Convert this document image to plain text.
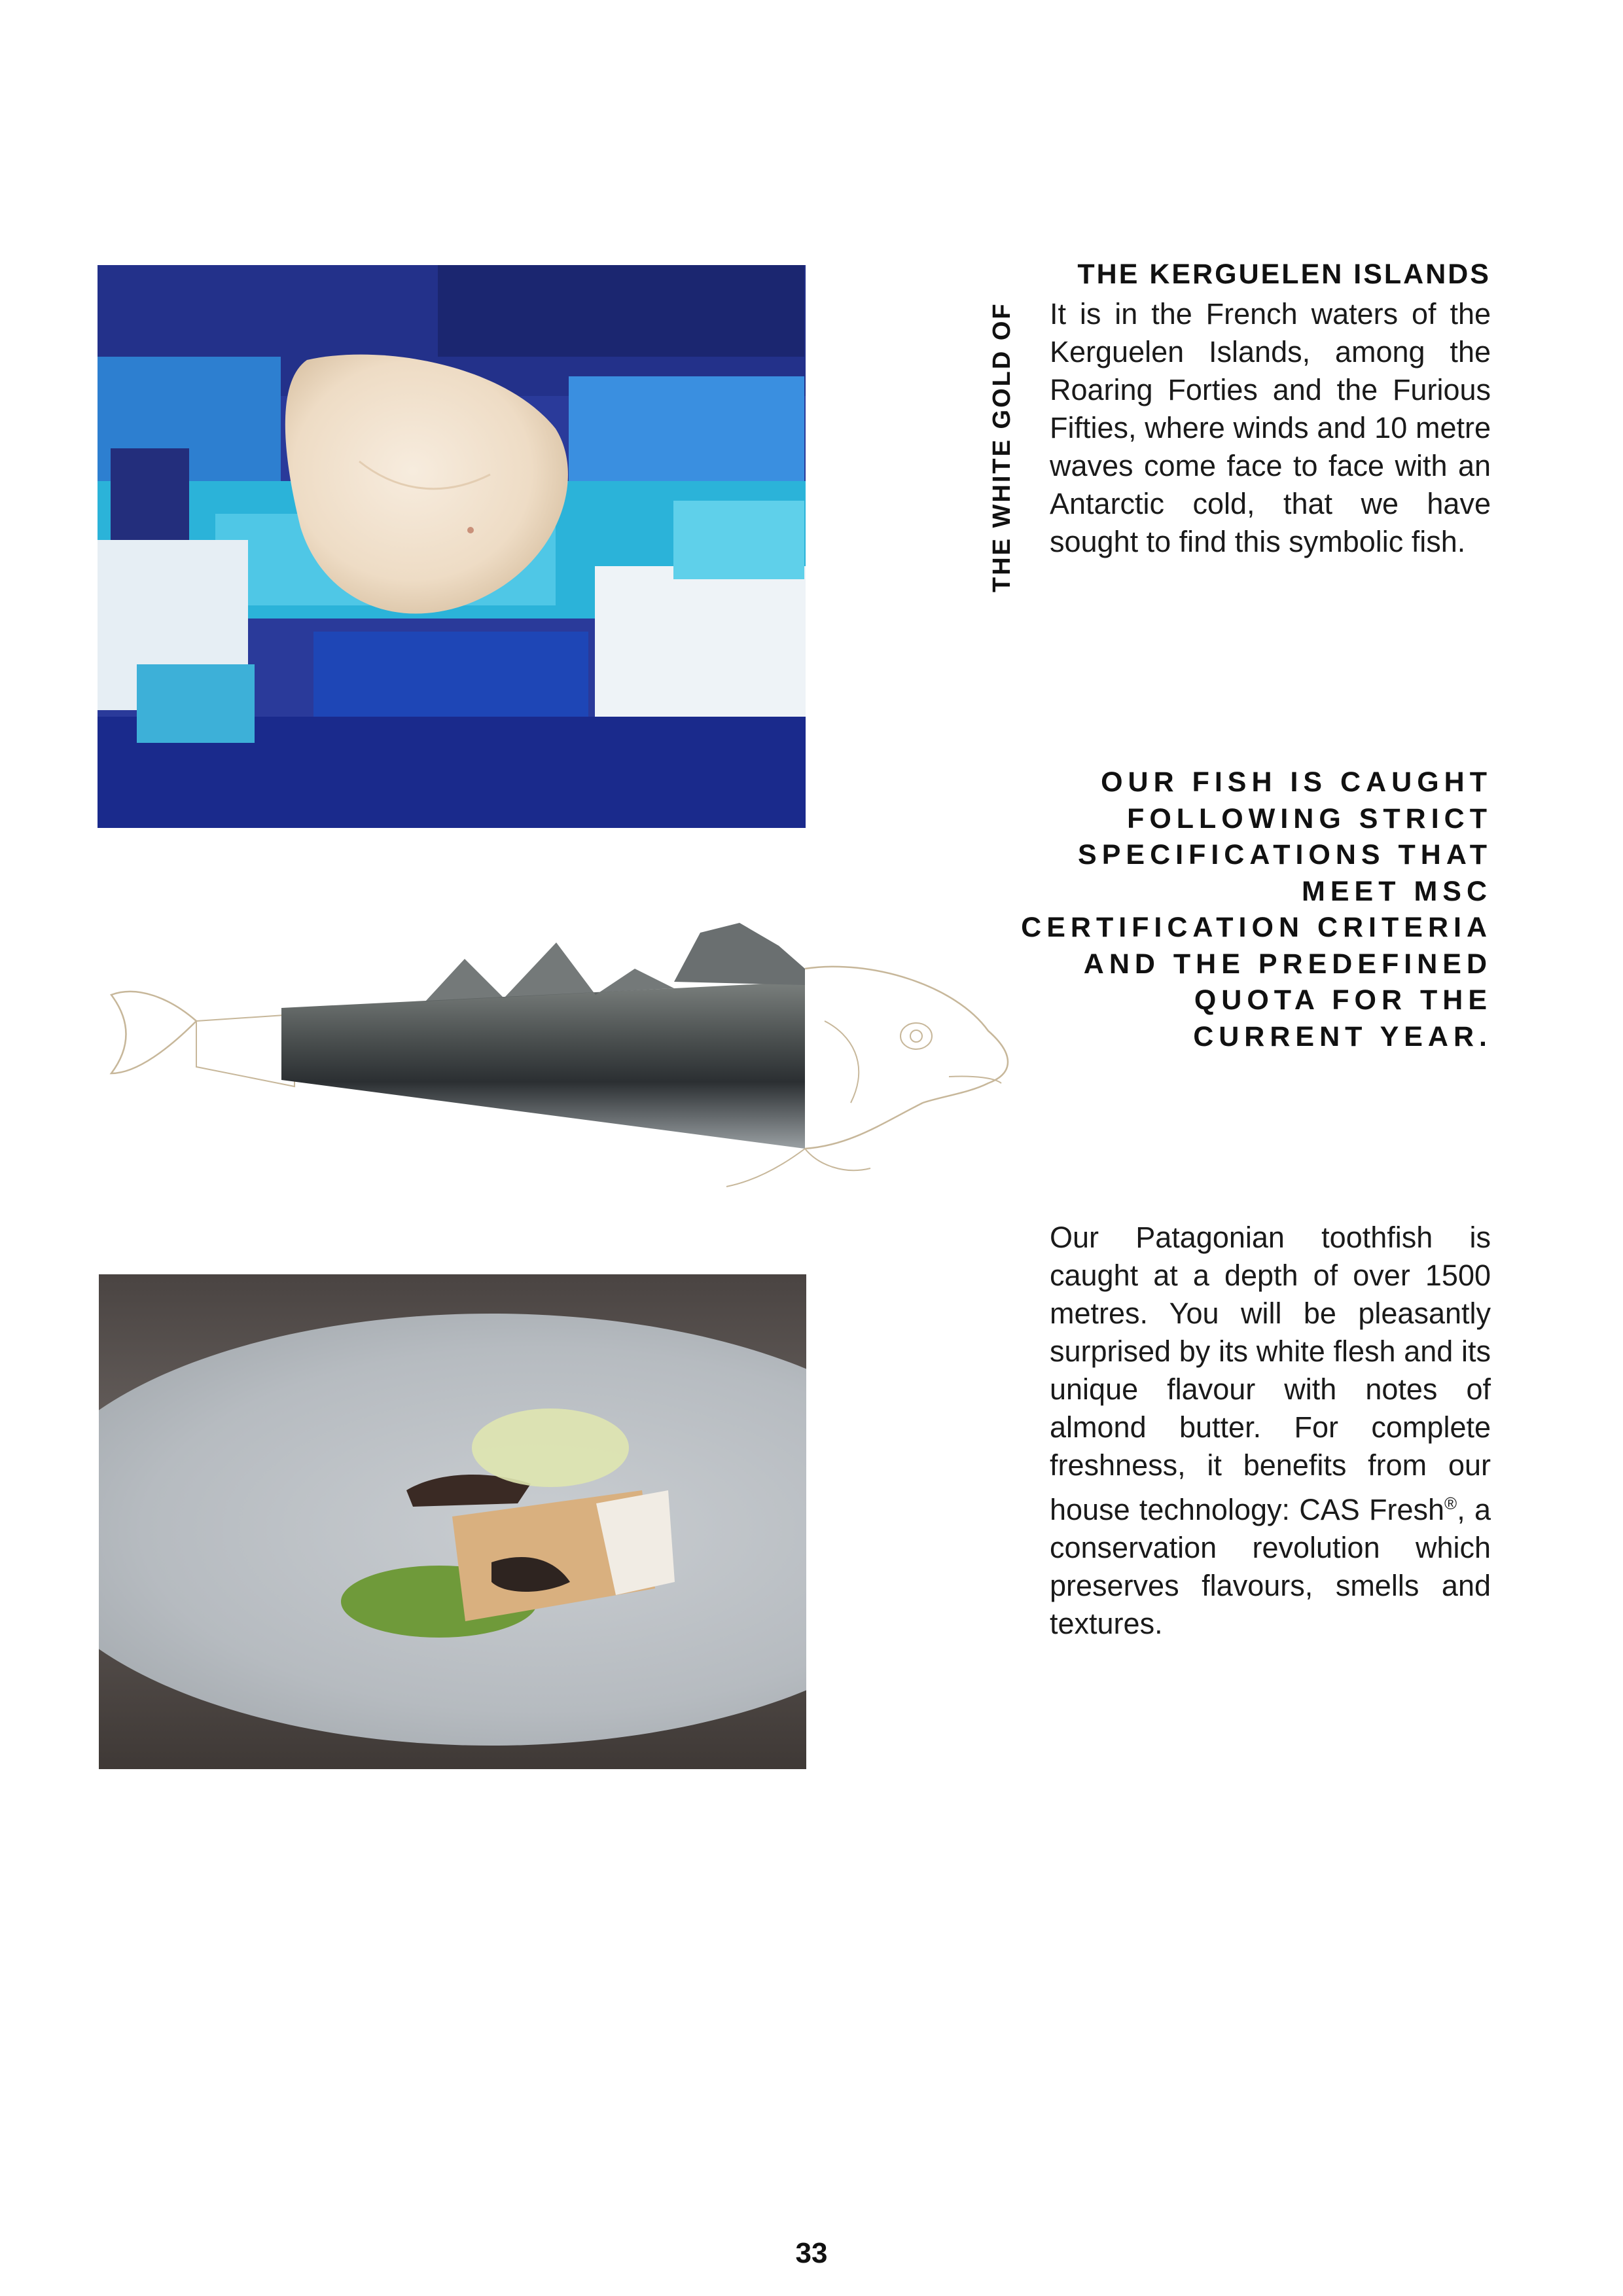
THE WHITE GOLD OF
THE KERGUELEN ISLANDS
It is in the French waters of the Kerguelen Islands, among the Roaring Forties and the Furious Fifties, where winds and 10 metre waves come face to face with an Antarctic cold, that we have sought to find this symbolic fish.
OUR FISH IS CAUGHT FOLLOWING STRICT SPECIFICATIONS THAT MEET MSC CERTIFICATION CRITERIA AND THE PREDEFINED QUOTA FOR THE CURRENT YEAR.
Our Patagonian toothfish is caught at a depth of over 1500 metres. You will be pleasantly surprised by its white flesh and its unique flavour with notes of almond butter. For complete freshness, it benefits from our house technology: CAS Fresh®, a conservation revolution which preserves flavours, smells and textures.
33
